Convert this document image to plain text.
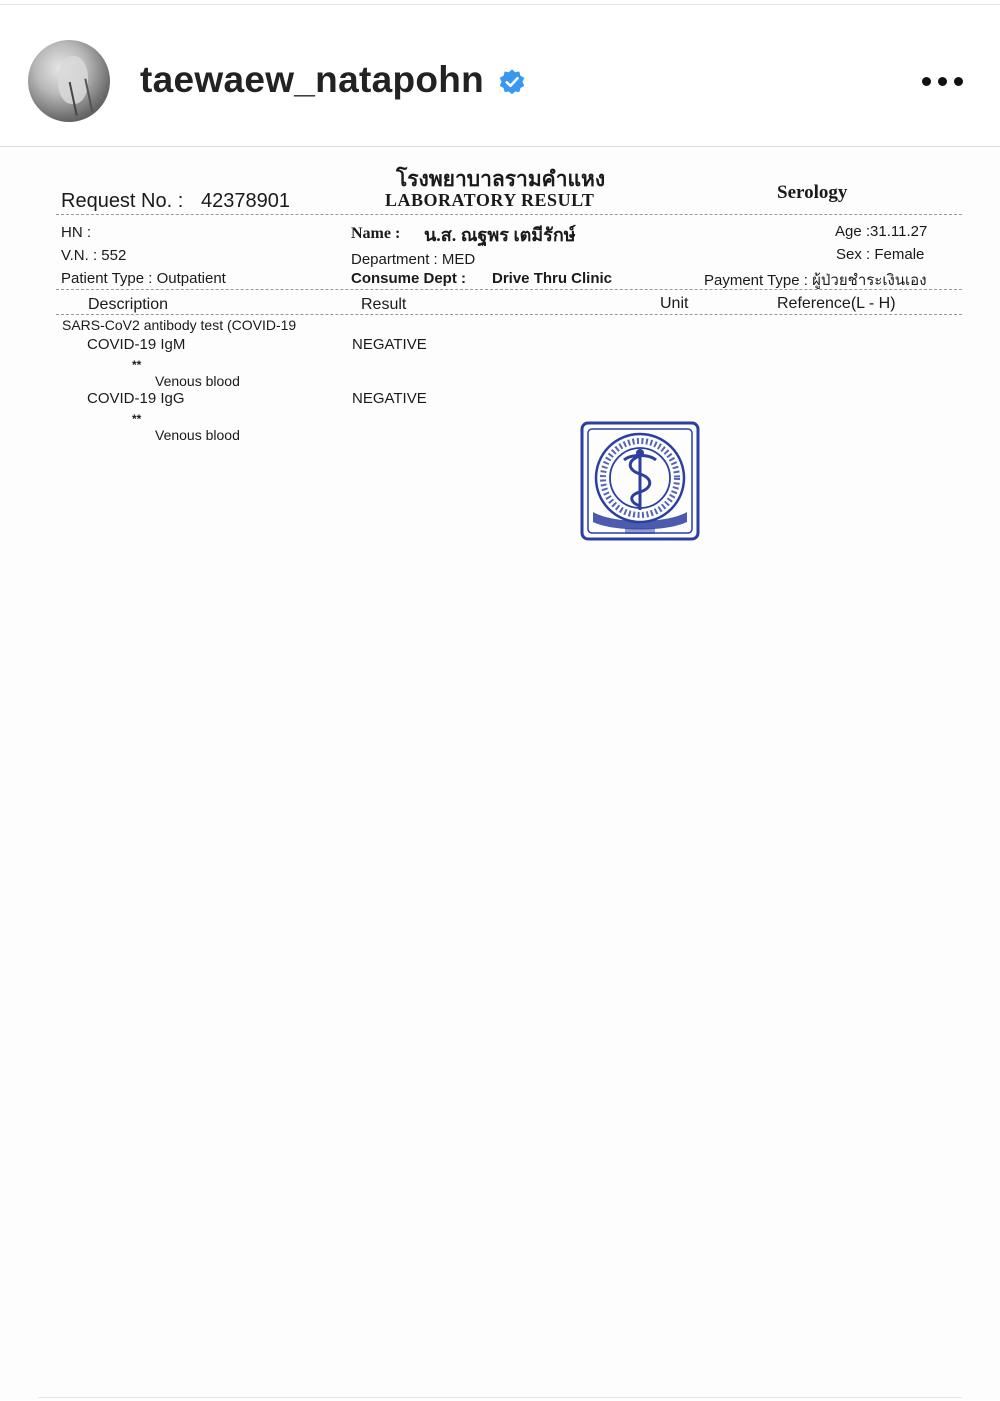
taewaew_natapohn
โรงพยาบาลรามคำแหง
LABORATORY RESULT	Serology
Request No. : 42378901
HN :
V.N. : 552
Patient Type : Outpatient
Name : น.ส. ณฐพร เตมีรักษ์
Department : MED
Consume Dept : Drive Thru Clinic
Age :31.11.27
Sex : Female
Payment Type : ผู้ป่วยชำระเงินเอง
Description	Result	Unit	Reference(L - H)
SARS-CoV2 antibody test (COVID-19
COVID-19 IgM	NEGATIVE
**
Venous blood
COVID-19 IgG	NEGATIVE
**
Venous blood
